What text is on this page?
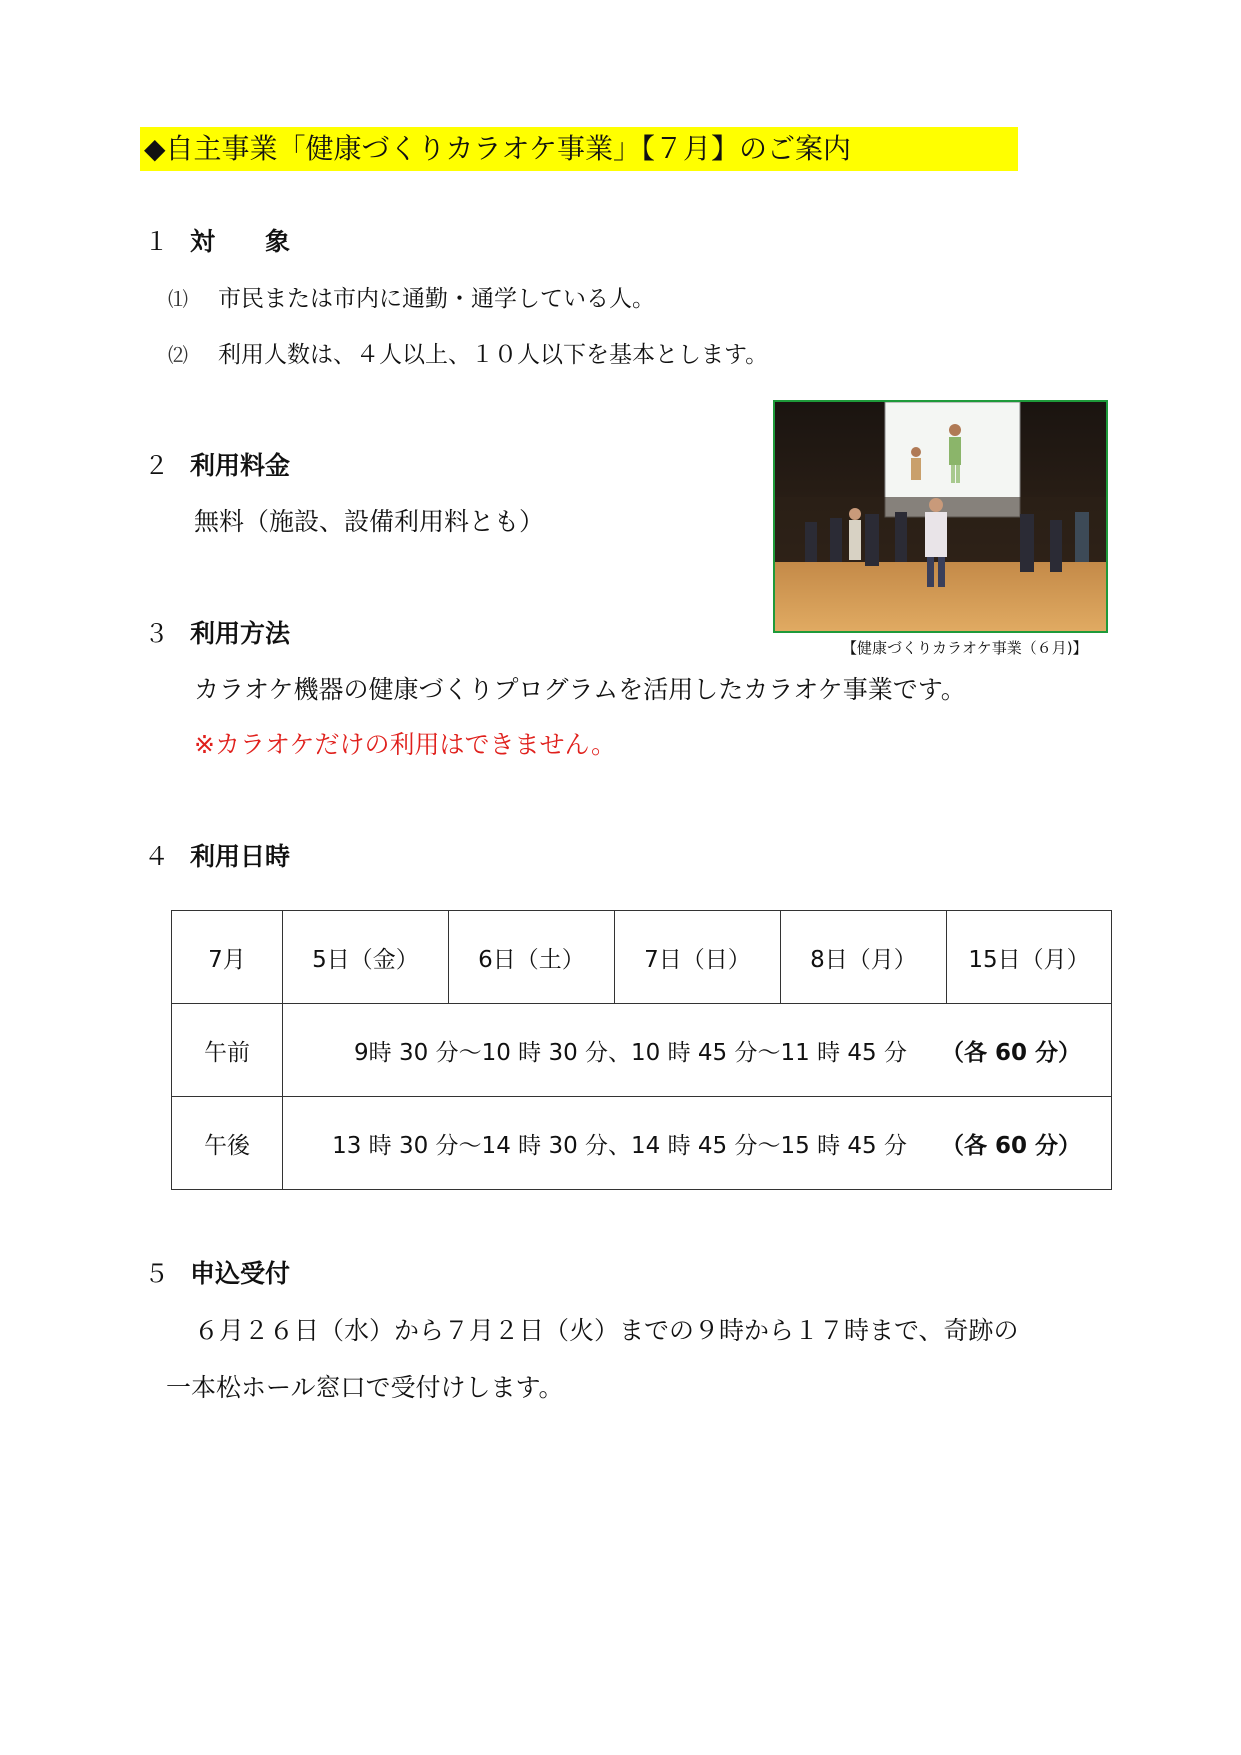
◆自主事業「健康づくりカラオケ事業」【７月】のご案内
１ 対　　象
⑴ 市民または市内に通勤・通学している人。
⑵ 利用人数は、４人以上、１０人以下を基本とします。
２ 利用料金
無料（施設、設備利用料とも）
【健康づくりカラオケ事業（６月)】
３ 利用方法
カラオケ機器の健康づくりプログラムを活用したカラオケ事業です。
※カラオケだけの利用はできません。
４ 利用日時
7月	5日（金）	6日（土）	7日（日）	8日（月）	15日（月）
午前	9時 30 分～10 時 30 分、10 時 45 分～11 時 45 分 （各 60 分）				
午後	13 時 30 分～14 時 30 分、14 時 45 分～15 時 45 分 （各 60 分）				
５ 申込受付
６月２６日（水）から７月２日（火）までの９時から１７時まで、奇跡の
一本松ホール窓口で受付けします。
